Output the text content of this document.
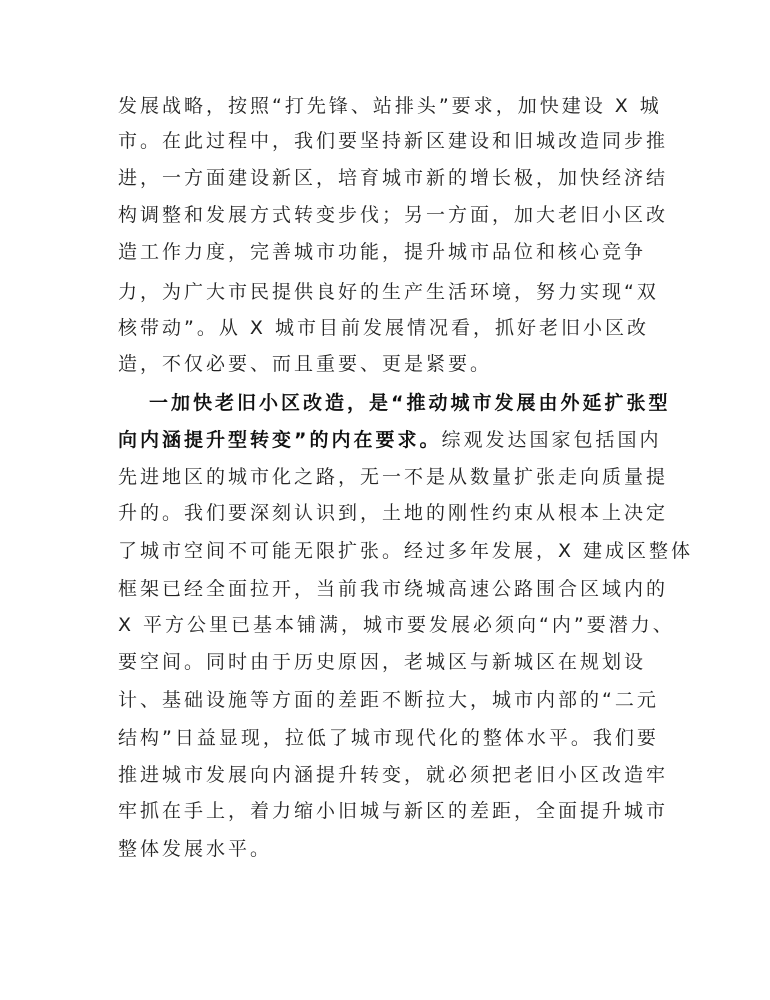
发展战略，按照“打先锋、站排头”要求，加快建设 X 城
市。在此过程中，我们要坚持新区建设和旧城改造同步推
进，一方面建设新区，培育城市新的增长极，加快经济结
构调整和发展方式转变步伐；另一方面，加大老旧小区改
造工作力度，完善城市功能，提升城市品位和核心竞争
力，为广大市民提供良好的生产生活环境，努力实现“双
核带动”。从 X 城市目前发展情况看，抓好老旧小区改
造，不仅必要、而且重要、更是紧要。
一加快老旧小区改造，是“推动城市发展由外延扩张型
向内涵提升型转变”的内在要求。综观发达国家包括国内
先进地区的城市化之路，无一不是从数量扩张走向质量提
升的。我们要深刻认识到，土地的刚性约束从根本上决定
了城市空间不可能无限扩张。经过多年发展，X 建成区整体
框架已经全面拉开，当前我市绕城高速公路围合区域内的
X 平方公里已基本铺满，城市要发展必须向“内”要潜力、
要空间。同时由于历史原因，老城区与新城区在规划设
计、基础设施等方面的差距不断拉大，城市内部的“二元
结构”日益显现，拉低了城市现代化的整体水平。我们要
推进城市发展向内涵提升转变，就必须把老旧小区改造牢
牢抓在手上，着力缩小旧城与新区的差距，全面提升城市
整体发展水平。
